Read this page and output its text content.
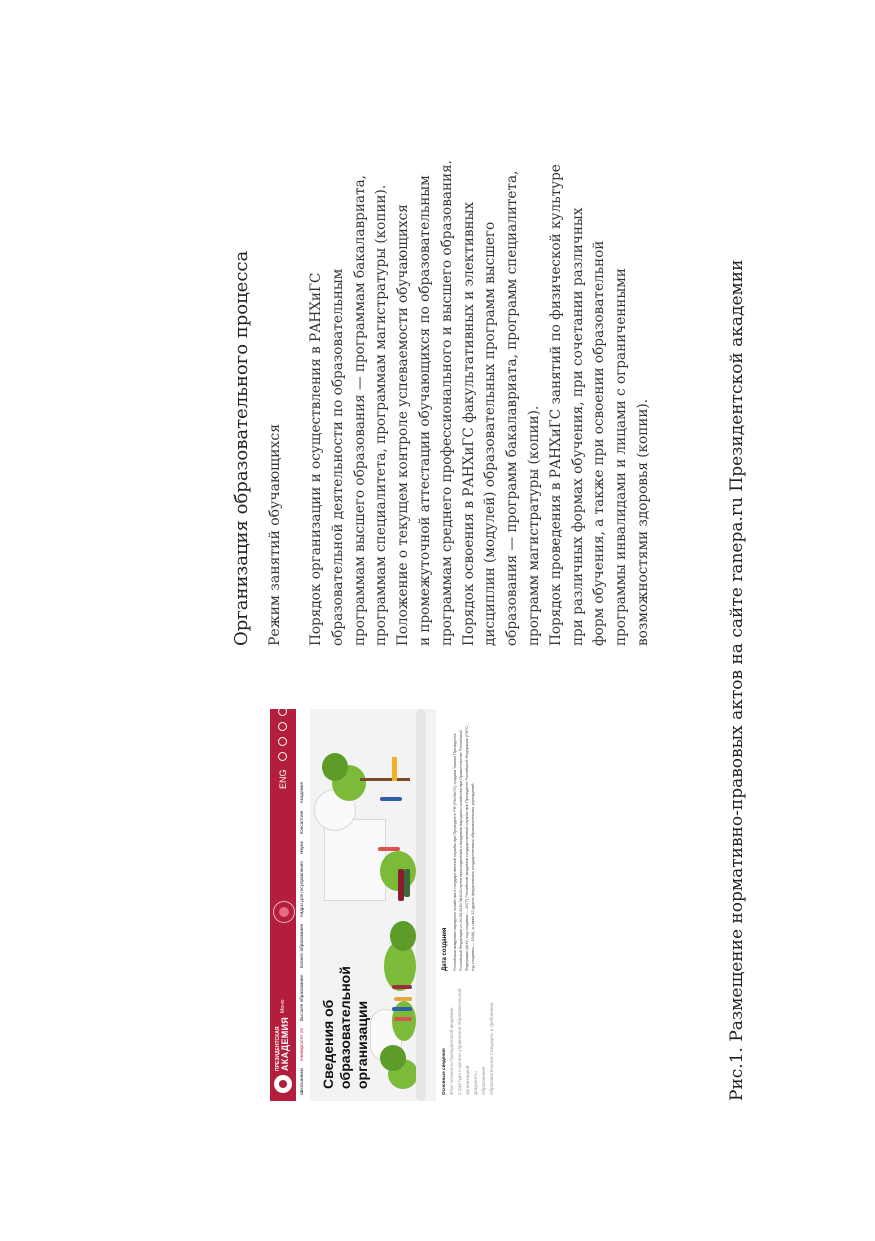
ПРЕЗИДЕНТСКАЯ АКАДЕМИЯ
Меню
ENG
Школьникам
Университет 24
Высшее образование
Бизнес-образование
Кадры для госуправления
Наука
Консалтинг
Академия
Сведения об образовательной организации	Основные сведения Флаг элемента Президентской академии Структура и органы управления образовательной организацией Документы Образование Образовательные стандарты и требования
Дата создания Российская академия народного хозяйства и государственной службы при Президенте РФ (РАНХиГС) создана Указом Президента Российской Федерации от 20.09.2010 №1140 путем присоединения к Академии народного хозяйства при Правительстве Российской Федерации (АНХ; год создания — 1977) Российской академии государственной службы при Президенте Российской Федерации (РАГС; год создания — 1946), а также 12 других федеральных государственных образовательных учреждений.
Организация образовательного процесса Режим занятий обучающихся Порядок организации и осуществления в РАНХиГС образовательной деятельности по образовательным программам высшего образования — программам бакалавриата, программам специалитета, программам магистратуры (копии). Положение о текущем контроле успеваемости обучающихся и промежуточной аттестации обучающихся по образовательным программам среднего профессионального и высшего образования. Порядок освоения в РАНХиГС факультативных и элективных дисциплин (модулей) образовательных программ высшего образования — программ бакалавриата, программ специалитета, программ магистратуры (копии). Порядок проведения в РАНХиГС занятий по физической культуре при различных формах обучения, при сочетании различных форм обучения, а также при освоении образовательной программы инвалидами и лицами с ограниченными возможностями здоровья (копии).	Рис.1. Размещение нормативно-правовых актов на сайте ranepa.ru Президентской академии
